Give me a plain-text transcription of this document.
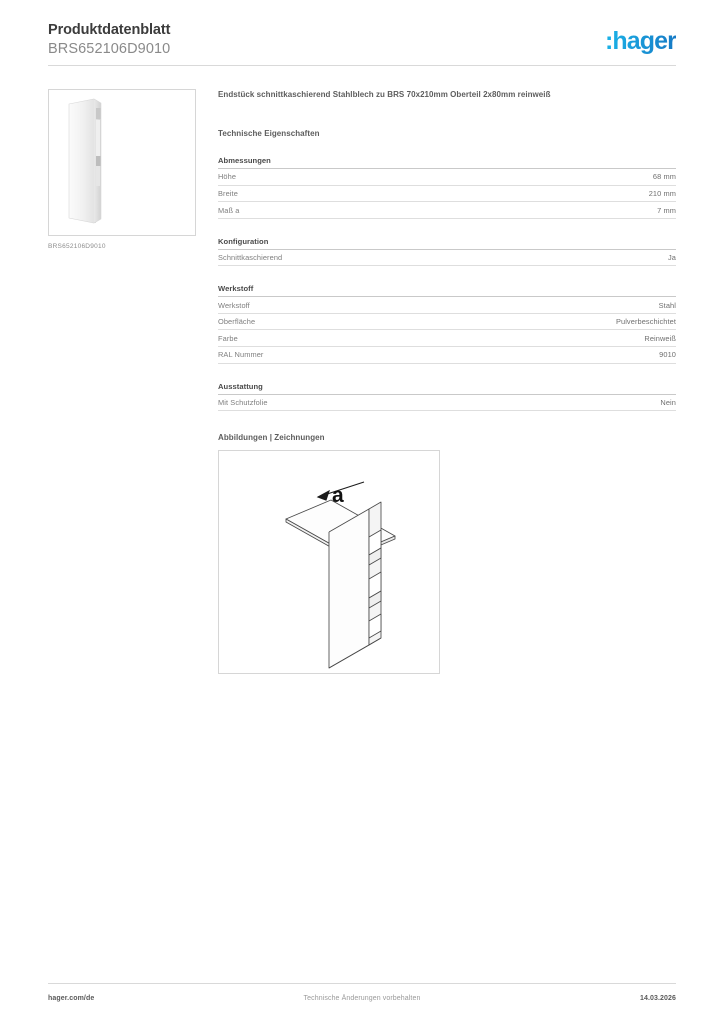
Produktdatenblatt
BRS652106D9010	:hager
BRS652106D9010
Endstück schnittkaschierend Stahlblech zu BRS 70x210mm Oberteil 2x80mm reinweiß
Technische Eigenschaften
Abmessungen
Höhe	68 mm
Breite	210 mm
Maß a	7 mm
Konfiguration
Schnittkaschierend	Ja
Werkstoff
Werkstoff	Stahl
Oberfläche	Pulverbeschichtet
Farbe	Reinweiß
RAL Nummer	9010
Ausstattung
Mit Schutzfolie	Nein
Abbildungen | Zeichnungen
a
Technische Änderungen vorbehalten
hager.com/de	14.03.2026
